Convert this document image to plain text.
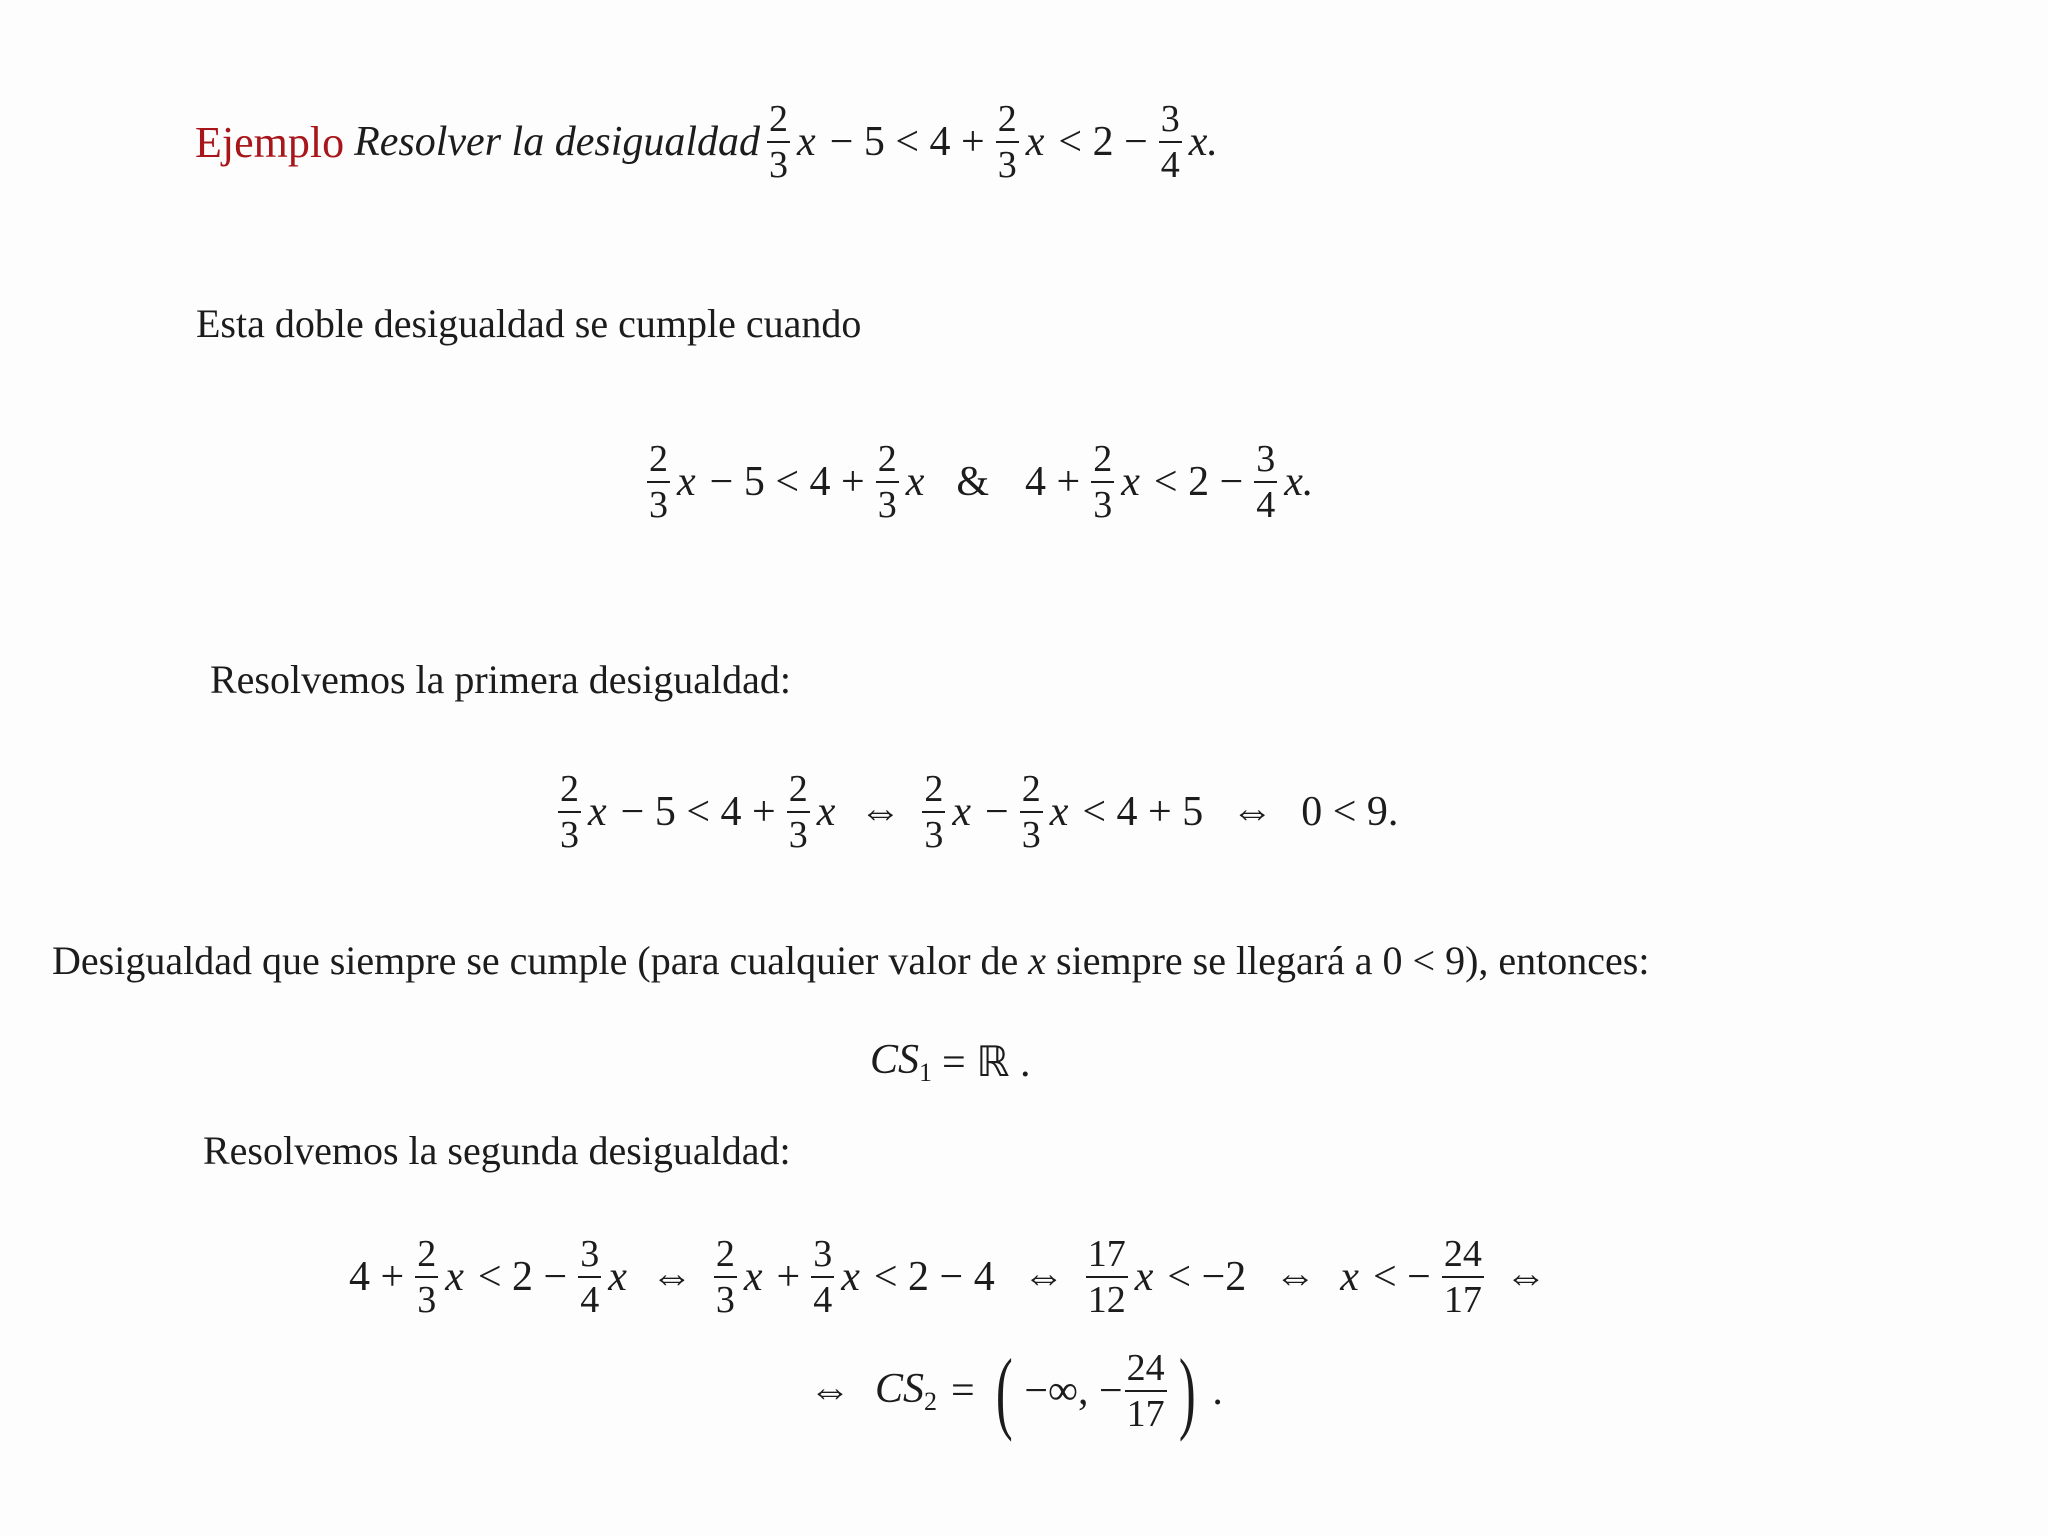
Ejemplo Resolver la desigualdad $\frac{2}{3}$ $x - 5 < 4 + \frac{2}{3}$ $x < 2 - \frac{3}{4} x$.
Esta doble desigualdad se cumple cuando
$\frac{2}{3}$ $x - 5 < 4 + \frac{2}{3}$ x & $4 + \frac{2}{3}$ $x < 2 - \frac{3}{4} x$.
Resolvemos la primera desigualdad:
$\frac{2}{3}$ $x - 5 < 4 + \frac{2}{3}$ x ⇔ $\frac{2}{3}$ $x - \frac{2}{3}$ x < 4 + 5 ⇔ 0 < 9.
Desigualdad que siempre se cumple (para cualquier valor de x siempre se llegará a 0 < 9), entonces:
$CS_1$ = ℝ .
Resolvemos la segunda desigualdad:
$4 + \frac{2}{3}$ $x < 2 - \frac{3}{4}$ x ⇔ $\frac{2}{3}$ $x + \frac{3}{4}$ x < 2 − 4 ⇔ $\frac{17}{12}$ x < −2 ⇔ x < − $\frac{24}{17}$ ⇔
⇔ $CS_2$ = ( −∞, − $\frac{24}{17}$ ) .
